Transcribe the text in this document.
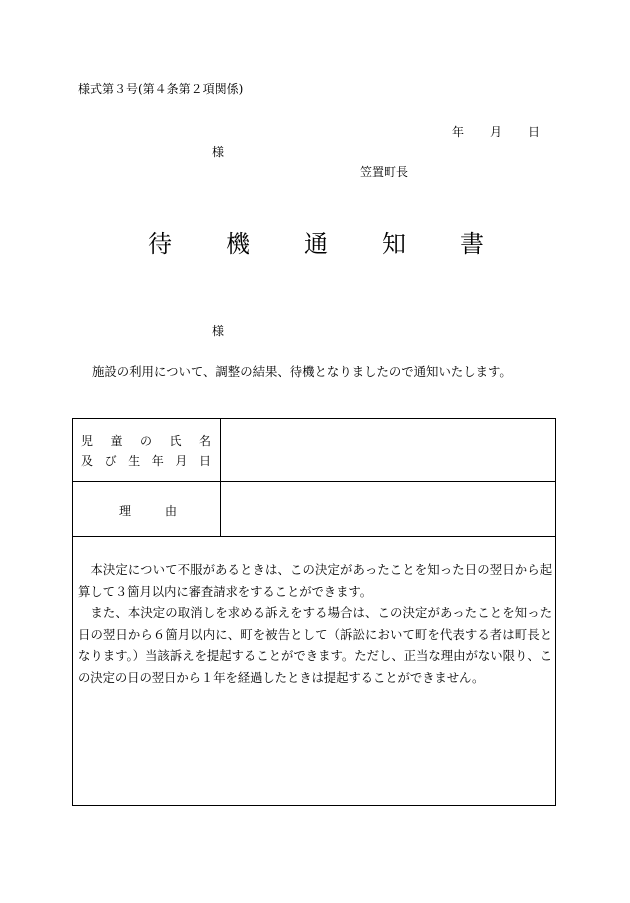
様式第３号(第４条第２項関係)
年 月 日
様
笠置町長
待 機 通 知 書
様
施設の利用について、調整の結果、待機となりましたので通知いたします。
児 童 の 氏 名
及 び 生 年 月 日
理	由

本決定について不服があるときは、この決定があったことを知った日の翌日から起算して３箇月以内に審査請求をすることができます。

また、本決定の取消しを求める訴えをする場合は、この決定があったことを知った日の翌日から６箇月以内に、町を被告として（訴訟において町を代表する者は町長となります。）当該訴えを提起することができます。ただし、正当な理由がない限り、この決定の日の翌日から１年を経過したときは提起することができません。
